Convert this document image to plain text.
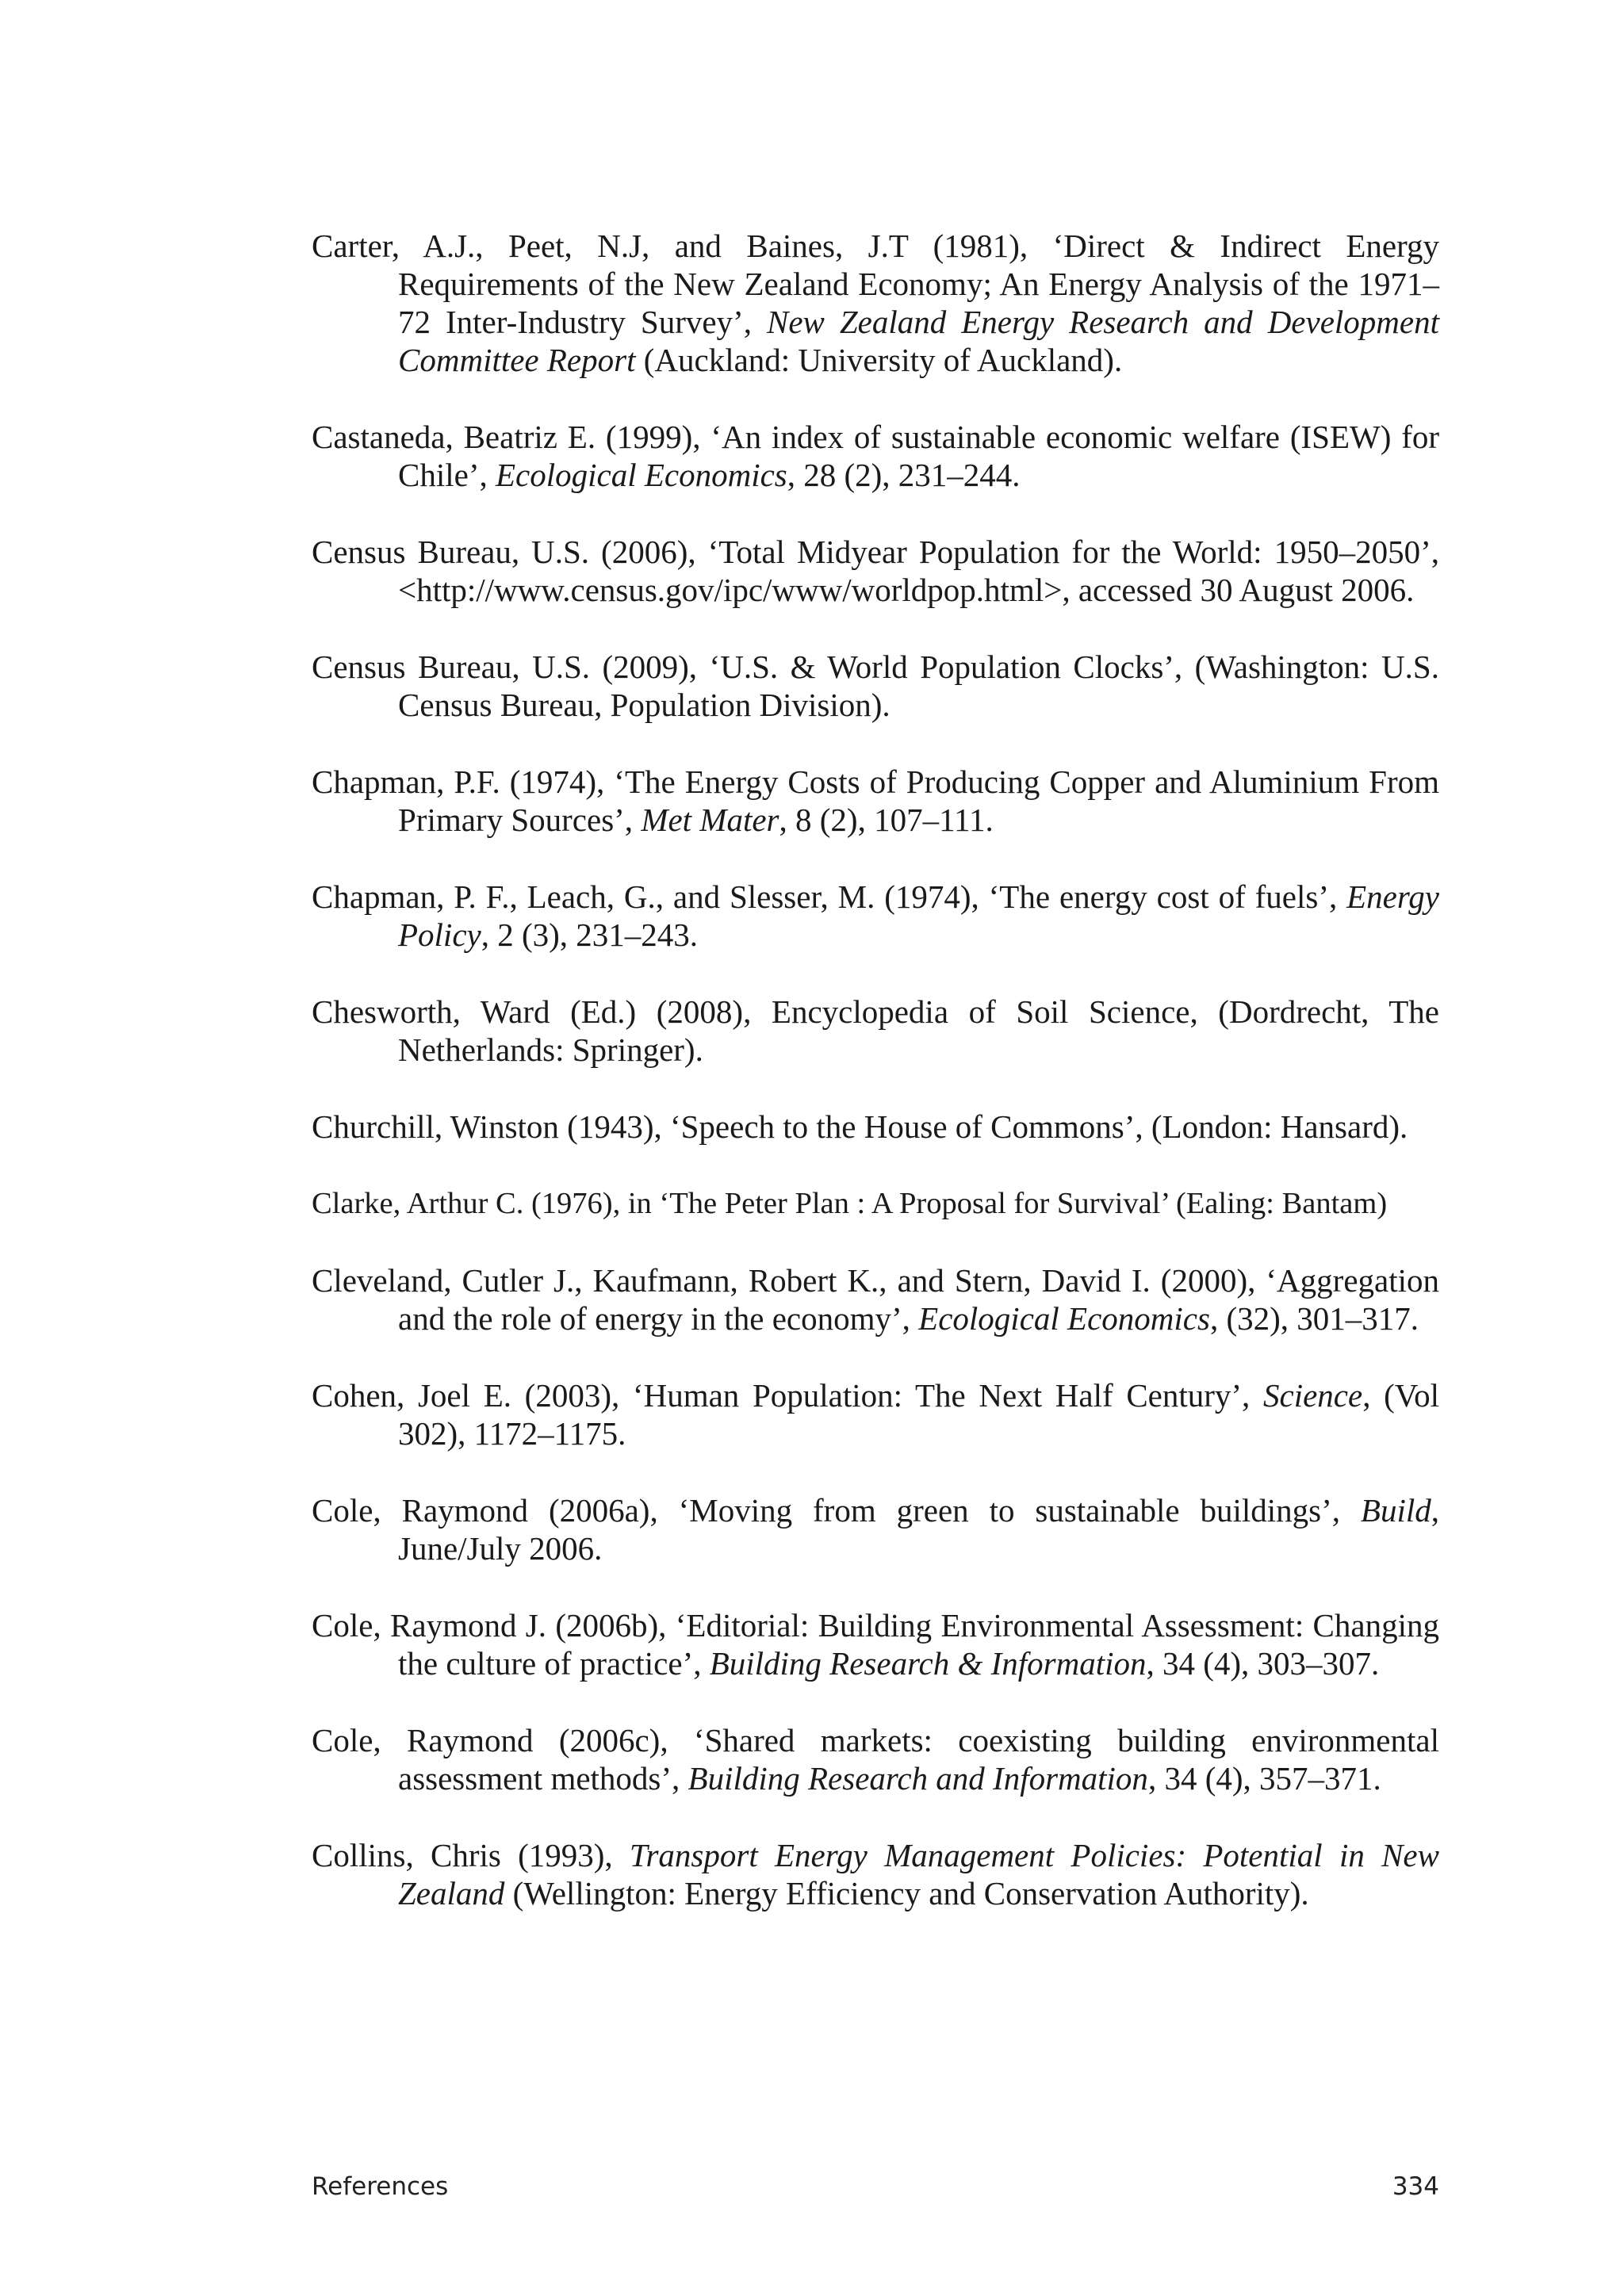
Carter, A.J., Peet, N.J, and Baines, J.T (1981), ‘Direct & Indirect Energy Requirements of the New Zealand Economy; An Energy Analysis of the 1971–72 Inter-Industry Survey’, New Zealand Energy Research and Development Committee Report (Auckland: University of Auckland).

Castaneda, Beatriz E. (1999), ‘An index of sustainable economic welfare (ISEW) for Chile’, Ecological Economics, 28 (2), 231–244.

Census Bureau, U.S. (2006), ‘Total Midyear Population for the World: 1950–2050’, <http://www.census.gov/ipc/www/worldpop.html>, accessed 30 August 2006.

Census Bureau, U.S. (2009), ‘U.S. & World Population Clocks’, (Washington: U.S. Census Bureau, Population Division).

Chapman, P.F. (1974), ‘The Energy Costs of Producing Copper and Aluminium From Primary Sources’, Met Mater, 8 (2), 107–111.

Chapman, P. F., Leach, G., and Slesser, M. (1974), ‘The energy cost of fuels’, Energy Policy, 2 (3), 231–243.

Chesworth, Ward (Ed.) (2008), Encyclopedia of Soil Science, (Dordrecht, The Netherlands: Springer).

Churchill, Winston (1943), ‘Speech to the House of Commons’, (London: Hansard).

Clarke, Arthur C. (1976), in ‘The Peter Plan : A Proposal for Survival’ (Ealing: Bantam)

Cleveland, Cutler J., Kaufmann, Robert K., and Stern, David I. (2000), ‘Aggregation and the role of energy in the economy’, Ecological Economics, (32), 301–317.

Cohen, Joel E. (2003), ‘Human Population: The Next Half Century’, Science, (Vol 302), 1172–1175.

Cole, Raymond (2006a), ‘Moving from green to sustainable buildings’, Build, June/July 2006.

Cole, Raymond J. (2006b), ‘Editorial: Building Environmental Assessment: Changing the culture of practice’, Building Research & Information, 34 (4), 303–307.

Cole, Raymond (2006c), ‘Shared markets: coexisting building environmental assessment methods’, Building Research and Information, 34 (4), 357–371.

Collins, Chris (1993), Transport Energy Management Policies: Potential in New Zealand (Wellington: Energy Efficiency and Conservation Authority).

References	334
